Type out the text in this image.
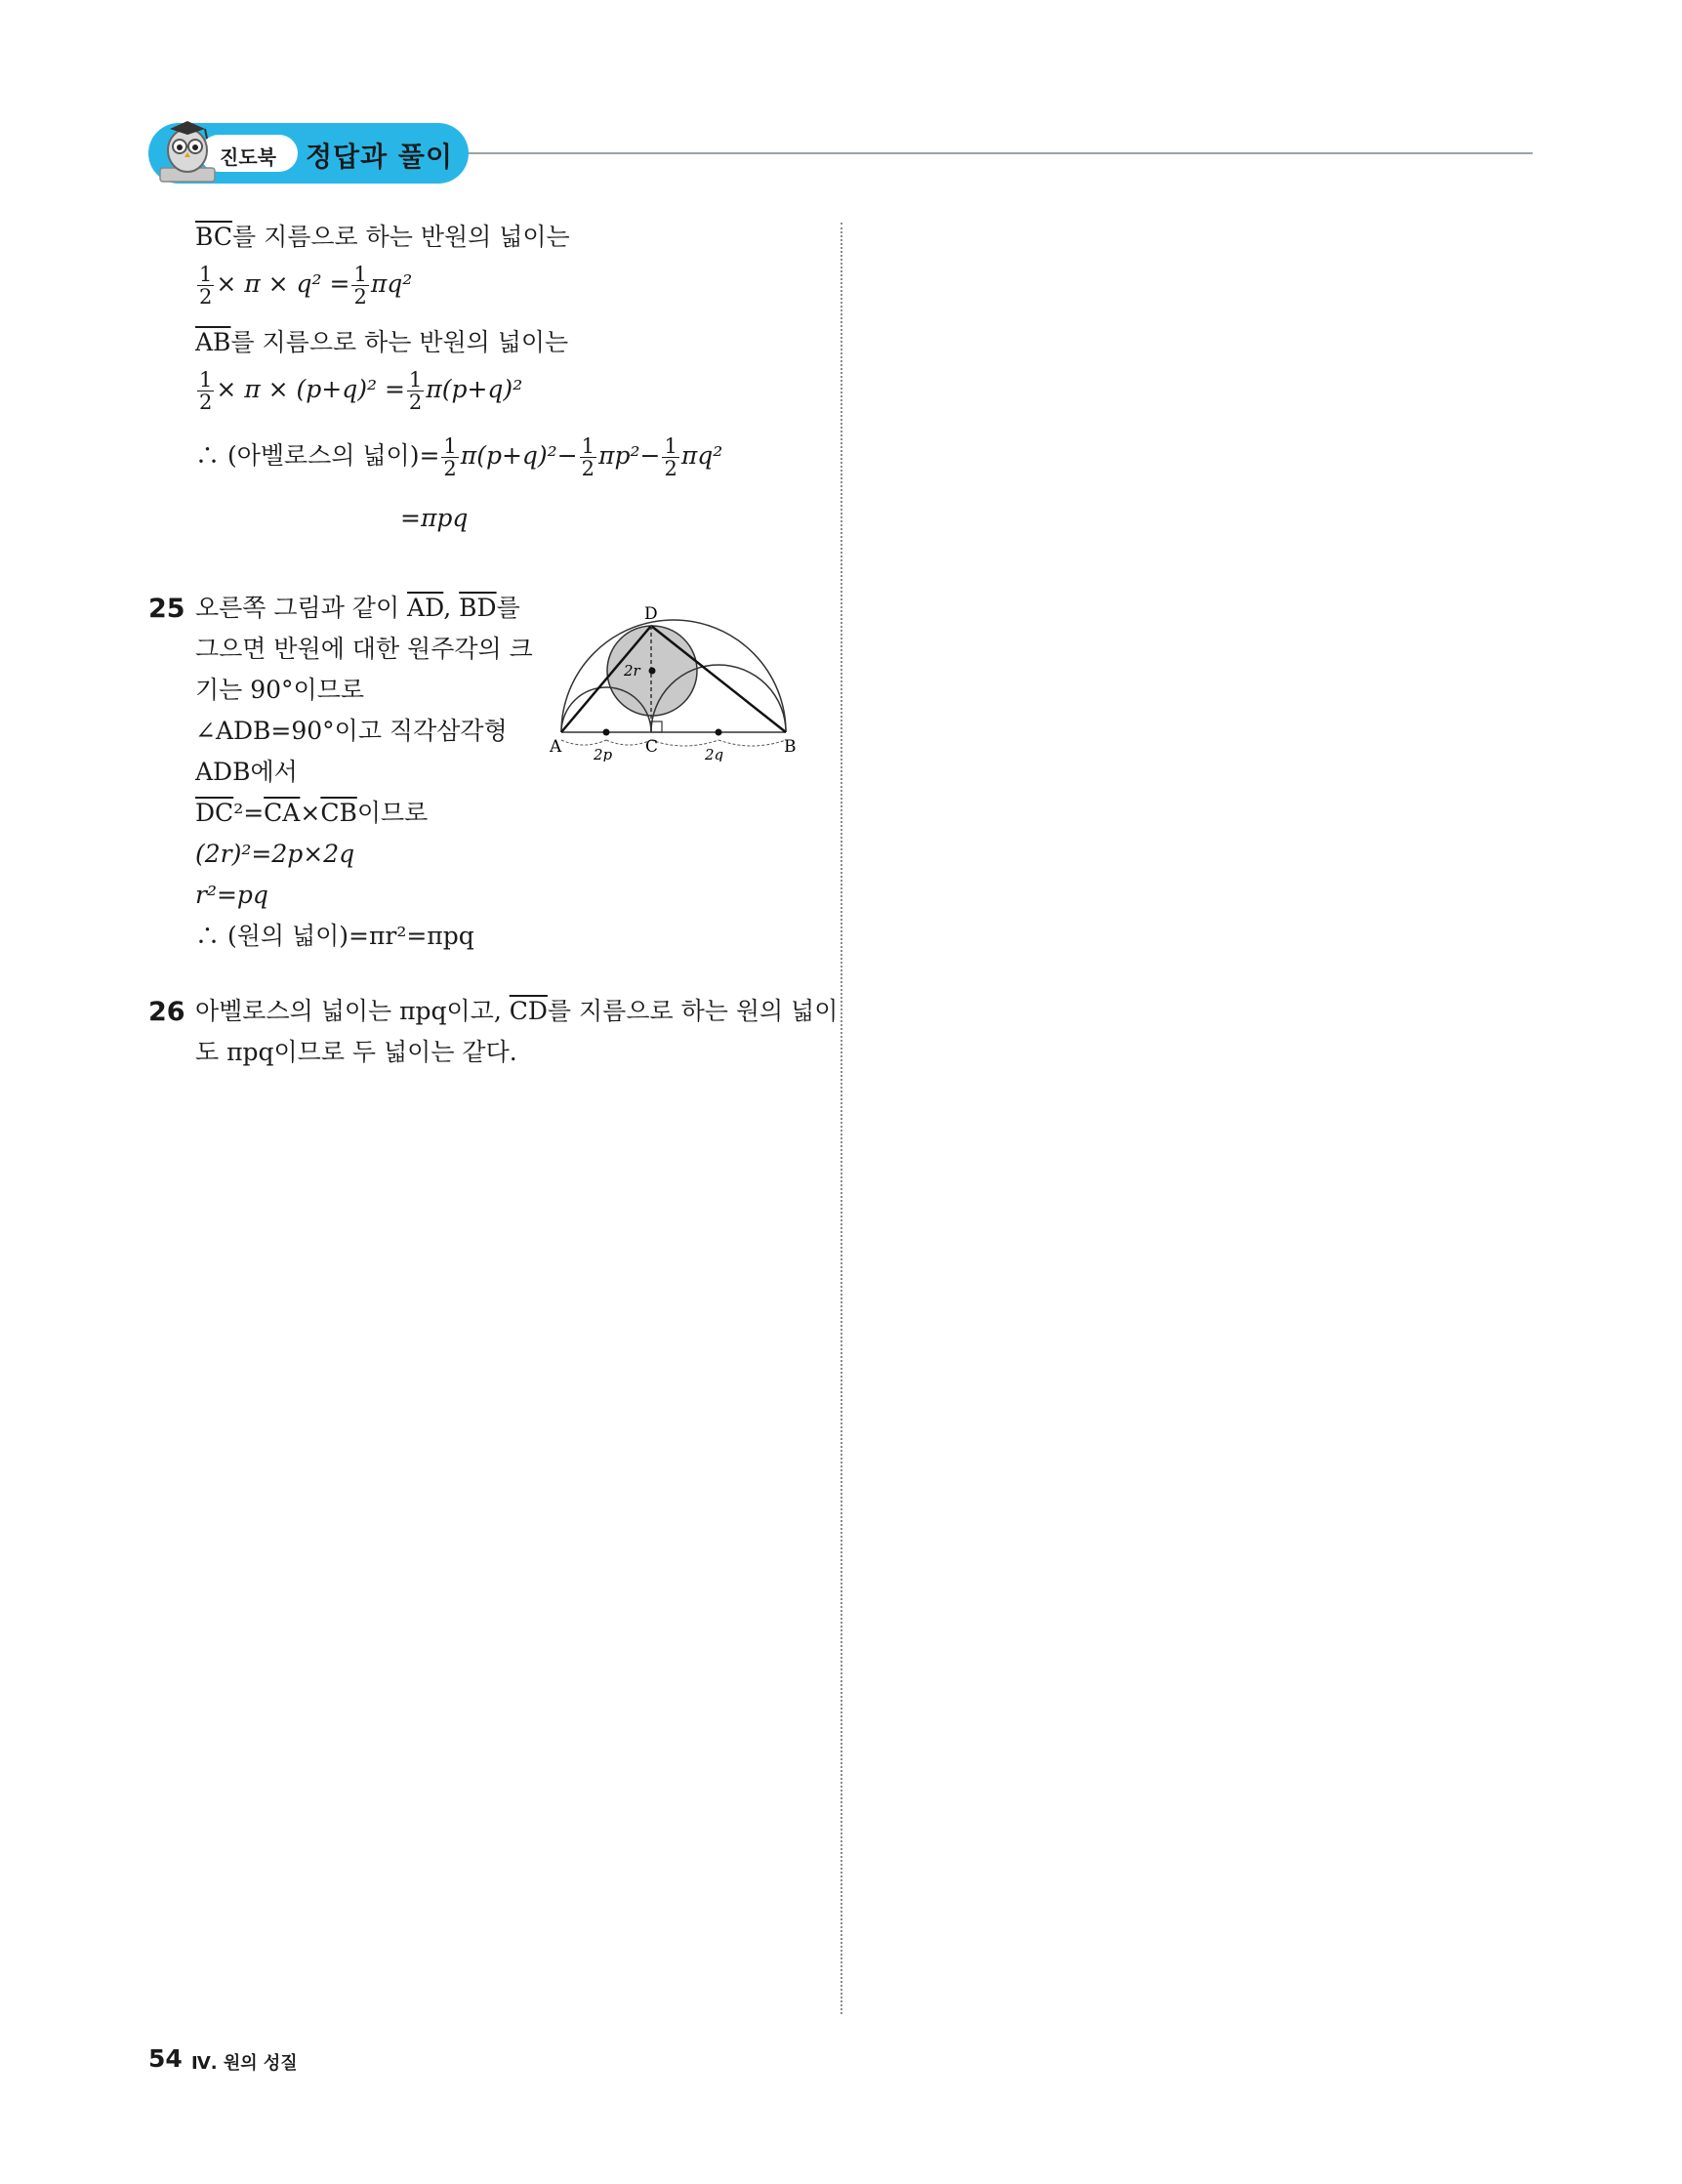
진도북 정답과 풀이
$\overline{BC}$를 지름으로 하는 반원의 넓이는
$\frac{1}{2} \times \pi \times q^2 = \frac{1}{2} \pi q^2$
$\overline{AB}$를 지름으로 하는 반원의 넓이는
$\frac{1}{2} \times \pi \times (p+q)^2 = \frac{1}{2} \pi(p+q)^2$
∴ (아벨로스의 넓이)= $\frac{1}{2} \pi(p+q)^2- \frac{1}{2} \pi p^2- \frac{1}{2} \pi q^2$
=πpq
25 오른쪽 그림과 같이 $\overline{AD}$, $\overline{BD}$를
그으면 반원에 대한 원주각의 크
기는 90°이므로
∠ADB=90°이고 직각삼각형
ADB에서
$\overline{DC}^2=\overline{CA}\times\overline{CB}$이므로
(2r)²=2p×2q
r²=pq
∴ (원의 넓이)=πr²=πpq
D
A	C	B
2r
2p	2q
26 아벨로스의 넓이는 πpq이고, $\overline{CD}$를 지름으로 하는 원의 넓이
도 πpq이므로 두 넓이는 같다.
54 Ⅳ. 원의 성질
